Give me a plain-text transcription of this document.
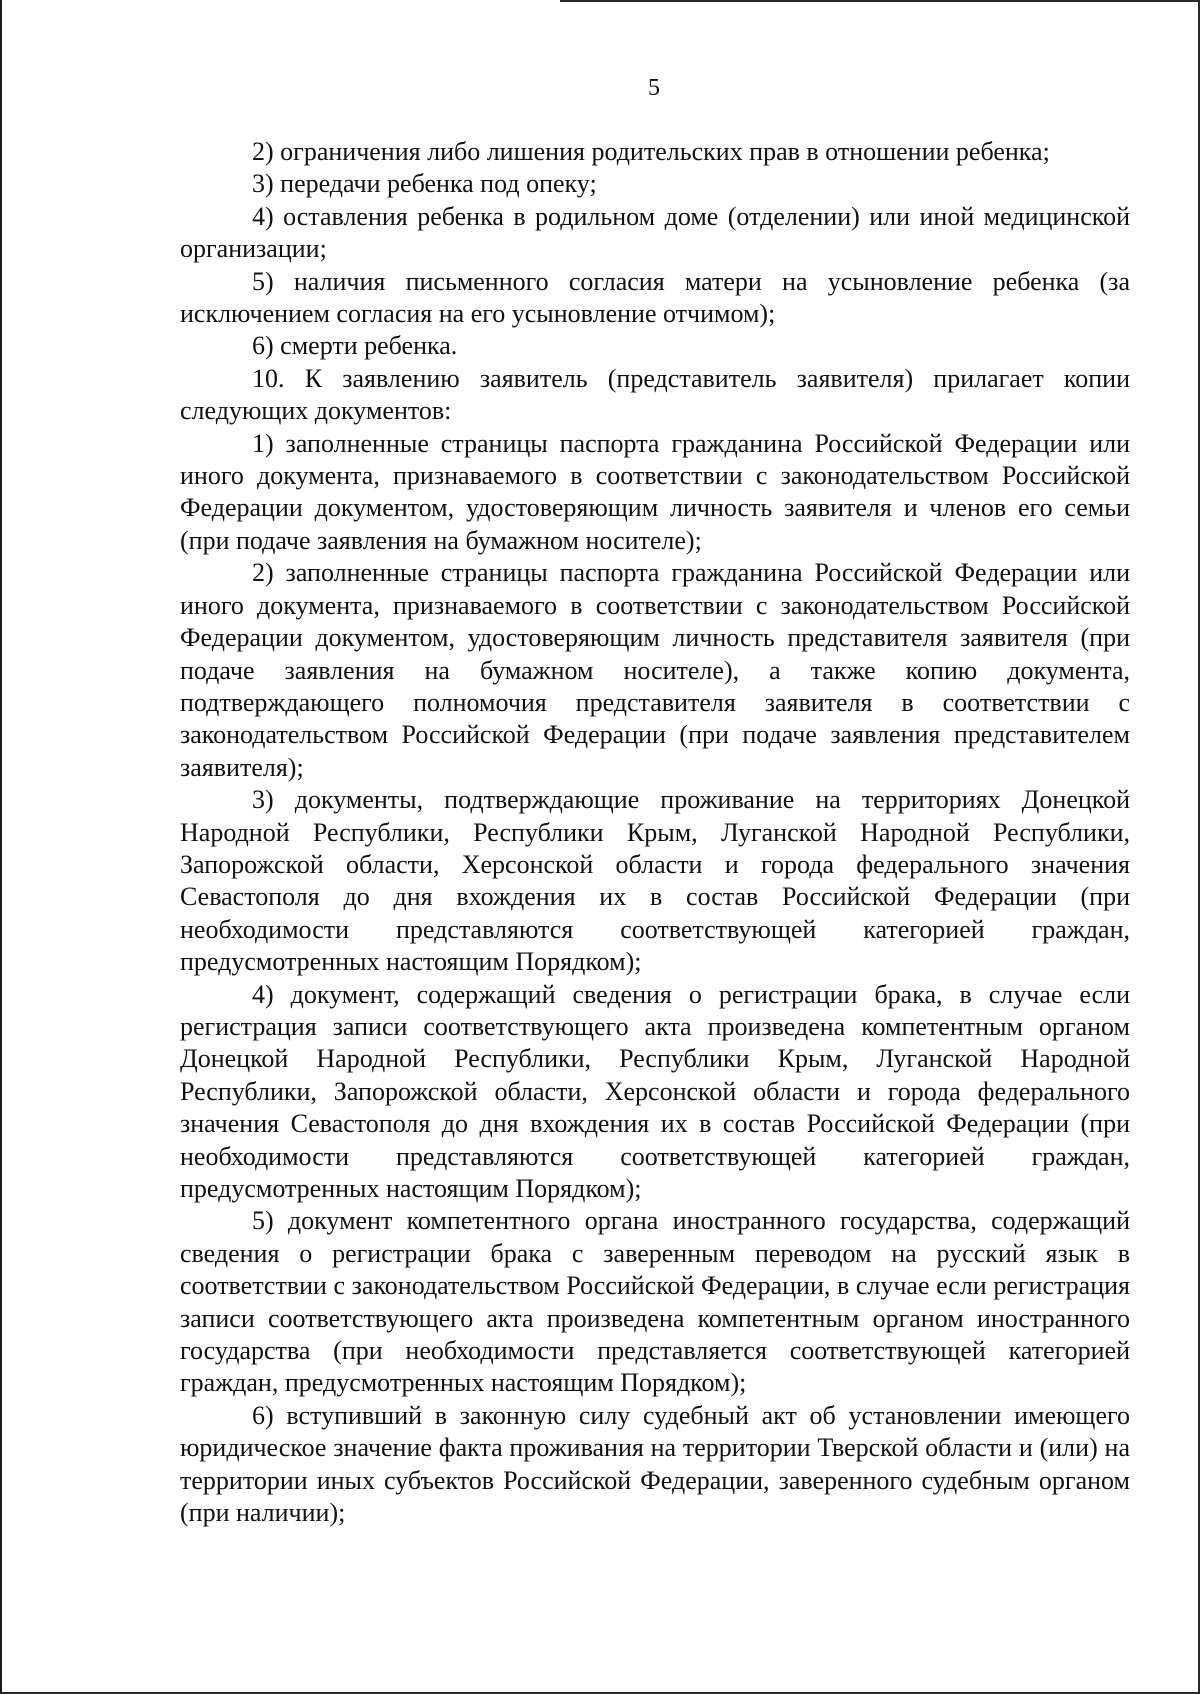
5

2) ограничения либо лишения родительских прав в отношении ребенка;

3) передачи ребенка под опеку;

4) оставления ребенка в родильном доме (отделении) или иной медицинской организации;

5) наличия письменного согласия матери на усыновление ребенка (за исключением согласия на его усыновление отчимом);

6) смерти ребенка.

10. К заявлению заявитель (представитель заявителя) прилагает копии следующих документов:

1) заполненные страницы паспорта гражданина Российской Федерации или иного документа, признаваемого в соответствии с законодательством Российской Федерации документом, удостоверяющим личность заявителя и членов его семьи (при подаче заявления на бумажном носителе);

2) заполненные страницы паспорта гражданина Российской Федерации или иного документа, признаваемого в соответствии с законодательством Российской Федерации документом, удостоверяющим личность представителя заявителя (при подаче заявления на бумажном носителе), а также копию документа, подтверждающего полномочия представителя заявителя в соответствии с законодательством Российской Федерации (при подаче заявления представителем заявителя);

3) документы, подтверждающие проживание на территориях Донецкой Народной Республики, Республики Крым, Луганской Народной Республики, Запорожской области, Херсонской области и города федерального значения Севастополя до дня вхождения их в состав Российской Федерации (при необходимости представляются соответствующей категорией граждан, предусмотренных настоящим Порядком);

4) документ, содержащий сведения о регистрации брака, в случае если регистрация записи соответствующего акта произведена компетентным органом Донецкой Народной Республики, Республики Крым, Луганской Народной Республики, Запорожской области, Херсонской области и города федерального значения Севастополя до дня вхождения их в состав Российской Федерации (при необходимости представляются соответствующей категорией граждан, предусмотренных настоящим Порядком);

5) документ компетентного органа иностранного государства, содержащий сведения о регистрации брака с заверенным переводом на русский язык в соответствии с законодательством Российской Федерации, в случае если регистрация записи соответствующего акта произведена компетентным органом иностранного государства (при необходимости представляется соответствующей категорией граждан, предусмотренных настоящим Порядком);

6) вступивший в законную силу судебный акт об установлении имеющего юридическое значение факта проживания на территории Тверской области и (или) на территории иных субъектов Российской Федерации, заверенного судебным органом (при наличии);
